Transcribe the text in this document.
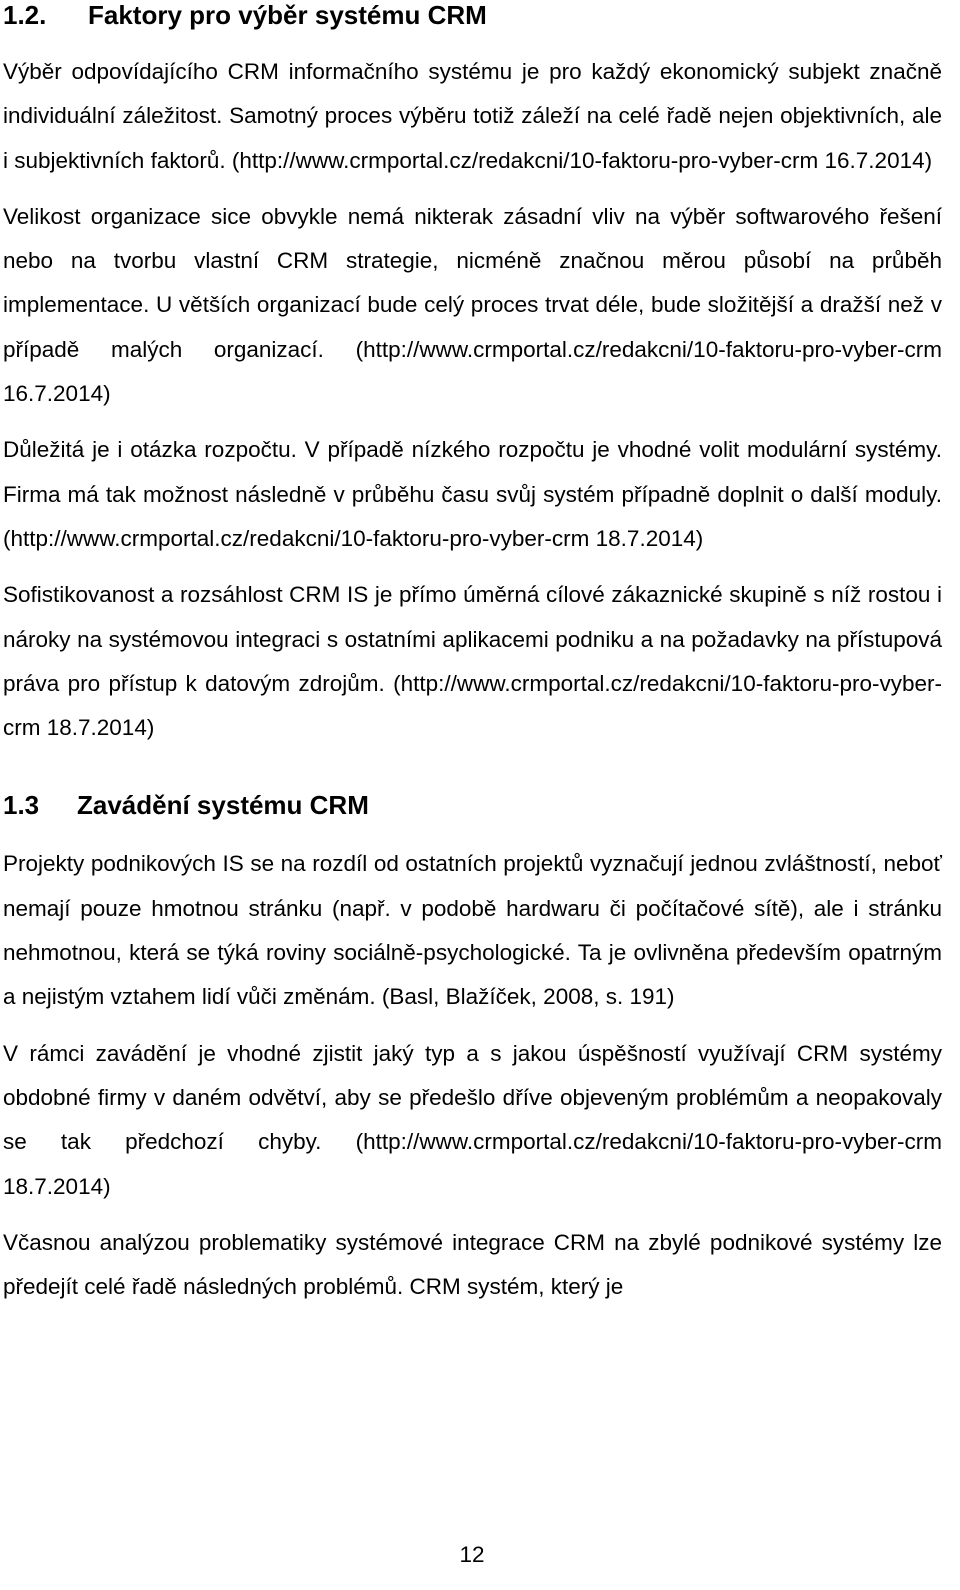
1.2.	Faktory pro výběr systému CRM

Výběr odpovídajícího CRM informačního systému je pro každý ekonomický subjekt značně individuální záležitost. Samotný proces výběru totiž záleží na celé řadě nejen objektivních, ale i subjektivních faktorů. (http://www.crmportal.cz/redakcni/10-faktoru-pro-vyber-crm 16.7.2014)

Velikost organizace sice obvykle nemá nikterak zásadní vliv na výběr softwarového řešení nebo na tvorbu vlastní CRM strategie, nicméně značnou měrou působí na průběh implementace. U větších organizací bude celý proces trvat déle, bude složitější a dražší než v případě malých organizací. (http://www.crmportal.cz/redakcni/10-faktoru-pro-vyber-crm 16.7.2014)

Důležitá je i otázka rozpočtu. V případě nízkého rozpočtu je vhodné volit modulární systémy. Firma má tak možnost následně v průběhu času svůj systém případně doplnit o další moduly. (http://www.crmportal.cz/redakcni/10-faktoru-pro-vyber-crm 18.7.2014)

Sofistikovanost a rozsáhlost CRM IS je přímo úměrná cílové zákaznické skupině s níž rostou i nároky na systémovou integraci s ostatními aplikacemi podniku a na požadavky na přístupová práva pro přístup k datovým zdrojům. (http://www.crmportal.cz/redakcni/10-faktoru-pro-vyber-crm 18.7.2014)

1.3	Zavádění systému CRM

Projekty podnikových IS se na rozdíl od ostatních projektů vyznačují jednou zvláštností, neboť nemají pouze hmotnou stránku (např. v podobě hardwaru či počítačové sítě), ale i stránku nehmotnou, která se týká roviny sociálně-psychologické. Ta je ovlivněna především opatrným a nejistým vztahem lidí vůči změnám. (Basl, Blažíček, 2008, s. 191)

V rámci zavádění je vhodné zjistit jaký typ a s jakou úspěšností využívají CRM systémy obdobné firmy v daném odvětví, aby se předešlo dříve objeveným problémům a neopakovaly se tak předchozí chyby. (http://www.crmportal.cz/redakcni/10-faktoru-pro-vyber-crm 18.7.2014)

Včasnou analýzou problematiky systémové integrace CRM na zbylé podnikové systémy lze předejít celé řadě následných problémů. CRM systém, který je

12
